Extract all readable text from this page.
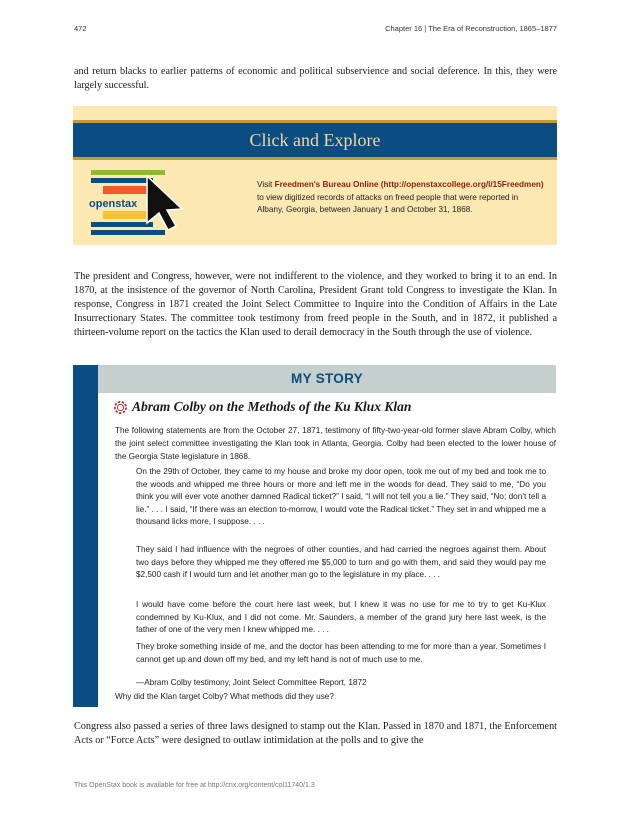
472	Chapter 16 | The Era of Reconstruction, 1865–1877

and return blacks to earlier patterns of economic and political subservience and social deference. In this, they were largely successful.

Click and Explore
openstax

Visit Freedmen's Bureau Online (http://openstaxcollege.org/l/15Freedmen) to view digitized records of attacks on freed people that were reported in Albany, Georgia, between January 1 and October 31, 1868.

The president and Congress, however, were not indifferent to the violence, and they worked to bring it to an end. In 1870, at the insistence of the governor of North Carolina, President Grant told Congress to investigate the Klan. In response, Congress in 1871 created the Joint Select Committee to Inquire into the Condition of Affairs in the Late Insurrectionary States. The committee took testimony from freed people in the South, and in 1872, it published a thirteen-volume report on the tactics the Klan used to derail democracy in the South through the use of violence.

MY STORY
Abram Colby on the Methods of the Ku Klux Klan

The following statements are from the October 27, 1871, testimony of fifty-two-year-old former slave Abram Colby, which the joint select committee investigating the Klan took in Atlanta, Georgia. Colby had been elected to the lower house of the Georgia State legislature in 1868.

On the 29th of October, they came to my house and broke my door open, took me out of my bed and took me to the woods and whipped me three hours or more and left me in the woods for dead. They said to me, “Do you think you will ever vote another damned Radical ticket?” I said, “I will not tell you a lie.” They said, “No; don’t tell a lie.” . . . I said, “If there was an election to-morrow, I would vote the Radical ticket.” They set in and whipped me a thousand licks more, I suppose. . . .

They said I had influence with the negroes of other counties, and had carried the negroes against them. About two days before they whipped me they offered me $5,000 to turn and go with them, and said they would pay me $2,500 cash if I would turn and let another man go to the legislature in my place. . . .

I would have come before the court here last week, but I knew it was no use for me to try to get Ku-Klux condemned by Ku-Klux, and I did not come. Mr. Saunders, a member of the grand jury here last week, is the father of one of the very men I knew whipped me. . . .

They broke something inside of me, and the doctor has been attending to me for more than a year. Sometimes I cannot get up and down off my bed, and my left hand is not of much use to me.

—Abram Colby testimony, Joint Select Committee Report, 1872

Why did the Klan target Colby? What methods did they use?

Congress also passed a series of three laws designed to stamp out the Klan. Passed in 1870 and 1871, the Enforcement Acts or “Force Acts” were designed to outlaw intimidation at the polls and to give the

This OpenStax book is available for free at http://cnx.org/content/col11740/1.3
